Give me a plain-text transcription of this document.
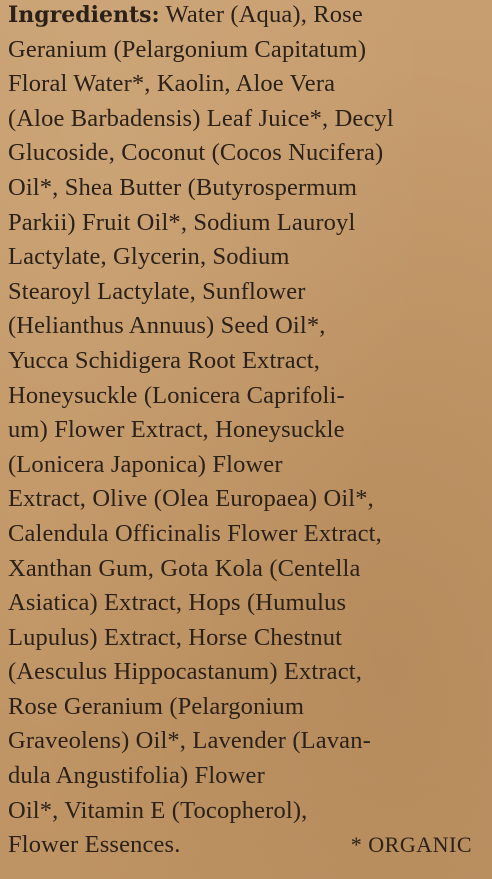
Ingredients: Water (Aqua), Rose
Geranium (Pelargonium Capitatum)
Floral Water*, Kaolin, Aloe Vera
(Aloe Barbadensis) Leaf Juice*, Decyl
Glucoside, Coconut (Cocos Nucifera)
Oil*, Shea Butter (Butyrospermum
Parkii) Fruit Oil*, Sodium Lauroyl
Lactylate, Glycerin, Sodium
Stearoyl Lactylate, Sunflower
(Helianthus Annuus) Seed Oil*,
Yucca Schidigera Root Extract,
Honeysuckle (Lonicera Caprifoli-
um) Flower Extract, Honeysuckle
(Lonicera Japonica) Flower
Extract, Olive (Olea Europaea) Oil*,
Calendula Officinalis Flower Extract,
Xanthan Gum, Gota Kola (Centella
Asiatica) Extract, Hops (Humulus
Lupulus) Extract, Horse Chestnut
(Aesculus Hippocastanum) Extract,
Rose Geranium (Pelargonium
Graveolens) Oil*, Lavender (Lavan-
dula Angustifolia) Flower
Oil*, Vitamin E (Tocopherol),
Flower Essences.	* ORGANIC
